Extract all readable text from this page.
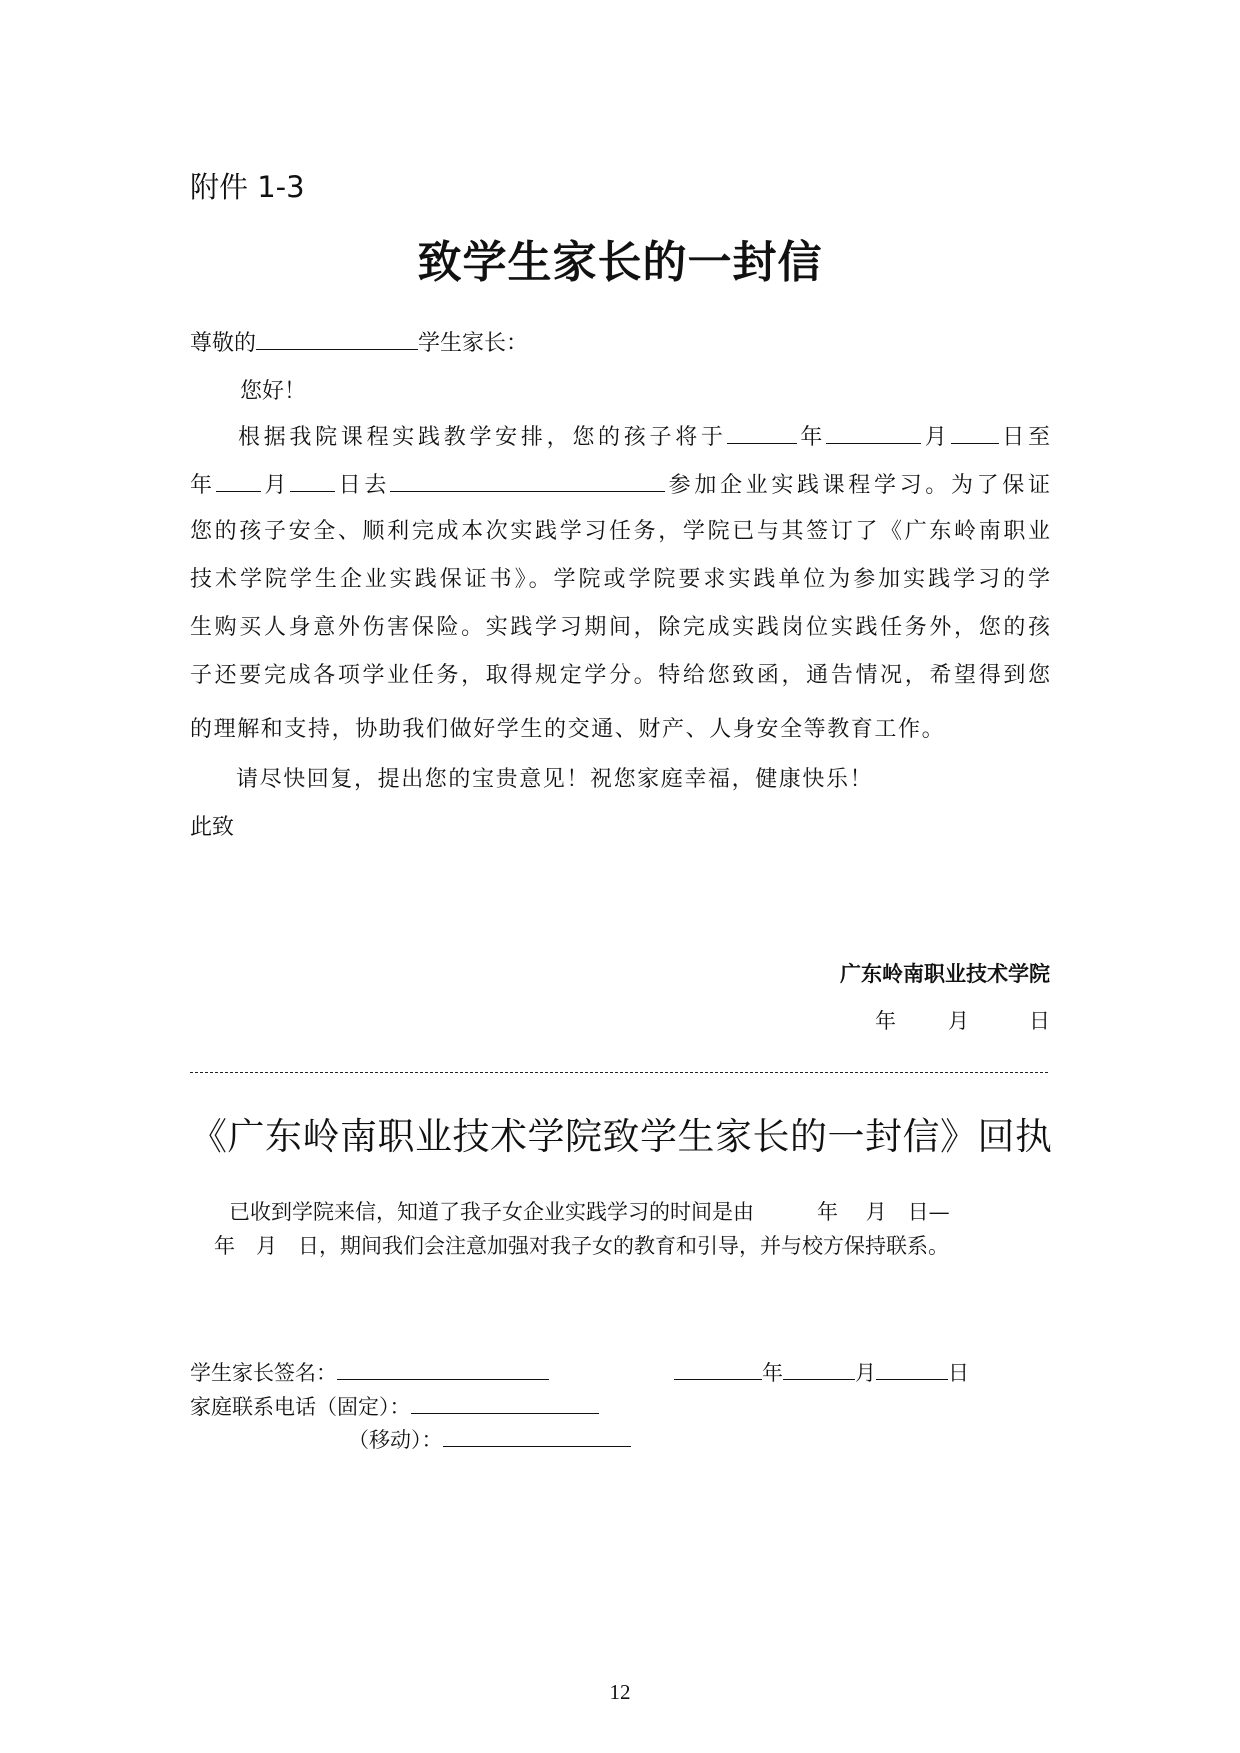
附件 1-3
致学生家长的一封信
尊敬的	学生家长：
您好！
根据我院课程实践教学安排，您的孩子将于	年	月 日至
年 月 日去	参加企业实践课程学习。为了保证
您的孩子安全、顺利完成本次实践学习任务，学院已与其签订了《广东岭南职业
技术学院学生企业实践保证书》。学院或学院要求实践单位为参加实践学习的学
生购买人身意外伤害保险。实践学习期间，除完成实践岗位实践任务外，您的孩
子还要完成各项学业任务，取得规定学分。特给您致函，通告情况，希望得到您
的理解和支持，协助我们做好学生的交通、财产、人身安全等教育工作。
请尽快回复，提出您的宝贵意见！祝您家庭幸福，健康快乐！
此致
广东岭南职业技术学院
年 月	日
《广东岭南职业技术学院致学生家长的一封信》回执
已收到学院来信，知道了我子女企业实践学习的时间是由　　　年　 月　日—
年　月　日，期间我们会注意加强对我子女的教育和引导，并与校方保持联系。
学生家长签名：	年	月	日
家庭联系电话（固定）：
（移动）：
12
